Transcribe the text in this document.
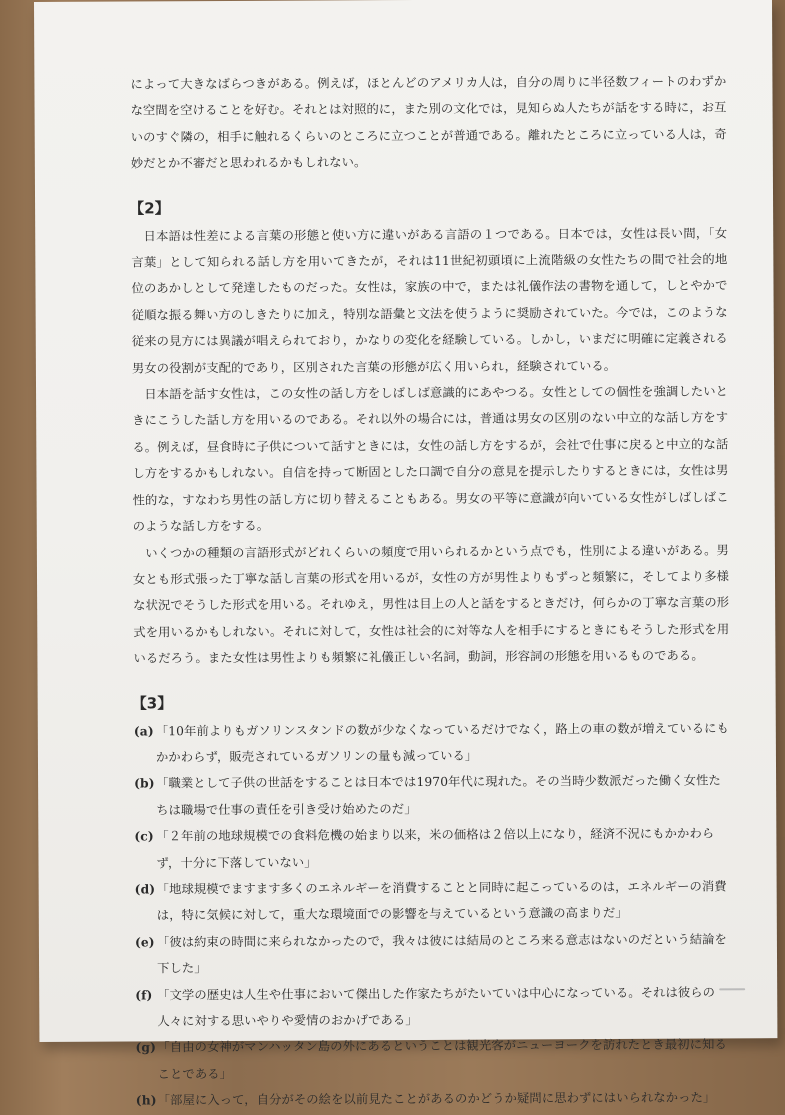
によって大きなばらつきがある。例えば，ほとんどのアメリカ人は，自分の周りに半径数フィートのわずかな空間を空けることを好む。それとは対照的に，また別の文化では，見知らぬ人たちが話をする時に，お互いのすぐ隣の，相手に触れるくらいのところに立つことが普通である。離れたところに立っている人は，奇妙だとか不審だと思われるかもしれない。

【2】

日本語は性差による言葉の形態と使い方に違いがある言語の１つである。日本では，女性は長い間，「女言葉」として知られる話し方を用いてきたが，それは11世紀初頭頃に上流階級の女性たちの間で社会的地位のあかしとして発達したものだった。女性は，家族の中で，または礼儀作法の書物を通して，しとやかで従順な振る舞い方のしきたりに加え，特別な語彙と文法を使うように奨励されていた。今では，このような従来の見方には異議が唱えられており，かなりの変化を経験している。しかし，いまだに明確に定義される男女の役割が支配的であり，区別された言葉の形態が広く用いられ，経験されている。

日本語を話す女性は，この女性の話し方をしばしば意識的にあやつる。女性としての個性を強調したいときにこうした話し方を用いるのである。それ以外の場合には，普通は男女の区別のない中立的な話し方をする。例えば，昼食時に子供について話すときには，女性の話し方をするが，会社で仕事に戻ると中立的な話し方をするかもしれない。自信を持って断固とした口調で自分の意見を提示したりするときには，女性は男性的な，すなわち男性の話し方に切り替えることもある。男女の平等に意識が向いている女性がしばしばこのような話し方をする。

いくつかの種類の言語形式がどれくらいの頻度で用いられるかという点でも，性別による違いがある。男女とも形式張った丁寧な話し言葉の形式を用いるが，女性の方が男性よりもずっと頻繁に，そしてより多様な状況でそうした形式を用いる。それゆえ，男性は目上の人と話をするときだけ，何らかの丁寧な言葉の形式を用いるかもしれない。それに対して，女性は社会的に対等な人を相手にするときにもそうした形式を用いるだろう。また女性は男性よりも頻繁に礼儀正しい名詞，動詞，形容詞の形態を用いるものである。

【3】
(a) 「10年前よりもガソリンスタンドの数が少なくなっているだけでなく，路上の車の数が増えているにもかかわらず，販売されているガソリンの量も減っている」
(b) 「職業として子供の世話をすることは日本では1970年代に現れた。その当時少数派だった働く女性たちは職場で仕事の責任を引き受け始めたのだ」
(c) 「２年前の地球規模での食料危機の始まり以来，米の価格は２倍以上になり，経済不況にもかかわらず，十分に下落していない」
(d) 「地球規模でますます多くのエネルギーを消費することと同時に起こっているのは，エネルギーの消費は，特に気候に対して，重大な環境面での影響を与えているという意識の高まりだ」
(e) 「彼は約束の時間に来られなかったので，我々は彼には結局のところ来る意志はないのだという結論を下した」
(f) 「文学の歴史は人生や仕事において傑出した作家たちがたいていは中心になっている。それは彼らの人々に対する思いやりや愛情のおかげである」
(g) 「自由の女神がマンハッタン島の外にあるということは観光客がニューヨークを訪れたとき最初に知ることである」
(h) 「部屋に入って，自分がその絵を以前見たことがあるのかどうか疑問に思わずにはいられなかった」
